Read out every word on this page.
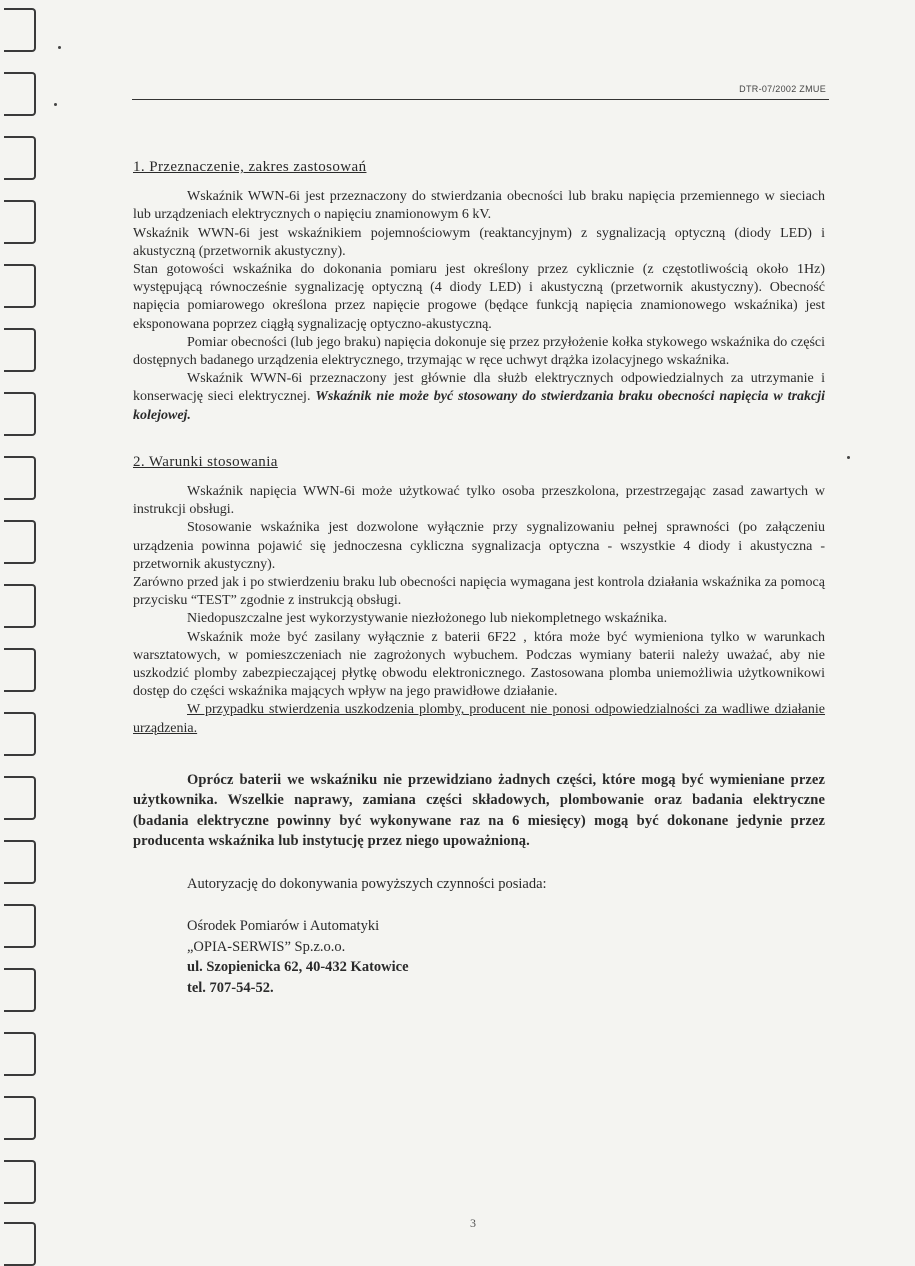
DTR-07/2002 ZMUE
1. Przeznaczenie, zakres zastosowań

Wskaźnik WWN-6i jest przeznaczony do stwierdzania obecności lub braku napięcia przemiennego w sieciach lub urządzeniach elektrycznych o napięciu znamionowym 6 kV.

Wskaźnik WWN-6i jest wskaźnikiem pojemnościowym (reaktancyjnym) z sygnalizacją optyczną (diody LED) i akustyczną (przetwornik akustyczny).

Stan gotowości wskaźnika do dokonania pomiaru jest określony przez cyklicznie (z częstotliwością około 1Hz) występującą równocześnie sygnalizację optyczną (4 diody LED) i akustyczną (przetwornik akustyczny). Obecność napięcia pomiarowego określona przez napięcie progowe (będące funkcją napięcia znamionowego wskaźnika) jest eksponowana poprzez ciągłą sygnalizację optyczno-akustyczną.

Pomiar obecności (lub jego braku) napięcia dokonuje się przez przyłożenie kołka stykowego wskaźnika do części dostępnych badanego urządzenia elektrycznego, trzymając w ręce uchwyt drążka izolacyjnego wskaźnika.

Wskaźnik WWN-6i przeznaczony jest głównie dla służb elektrycznych odpowiedzialnych za utrzymanie i konserwację sieci elektrycznej. Wskaźnik nie może być stosowany do stwierdzania braku obecności napięcia w trakcji kolejowej.

2. Warunki stosowania

Wskaźnik napięcia WWN-6i może użytkować tylko osoba przeszkolona, przestrzegając zasad zawartych w instrukcji obsługi.

Stosowanie wskaźnika jest dozwolone wyłącznie przy sygnalizowaniu pełnej sprawności (po załączeniu urządzenia powinna pojawić się jednoczesna cykliczna sygnalizacja optyczna - wszystkie 4 diody i akustyczna - przetwornik akustyczny).

Zarówno przed jak i po stwierdzeniu braku lub obecności napięcia wymagana jest kontrola działania wskaźnika za pomocą przycisku “TEST” zgodnie z instrukcją obsługi.

Niedopuszczalne jest wykorzystywanie niezłożonego lub niekompletnego wskaźnika.

Wskaźnik może być zasilany wyłącznie z baterii 6F22 , która może być wymieniona tylko w warunkach warsztatowych, w pomieszczeniach nie zagrożonych wybuchem. Podczas wymiany baterii należy uważać, aby nie uszkodzić plomby zabezpieczającej płytkę obwodu elektronicznego. Zastosowana plomba uniemożliwia użytkownikowi dostęp do części wskaźnika mających wpływ na jego prawidłowe działanie.

W przypadku stwierdzenia uszkodzenia plomby, producent nie ponosi odpowiedzialności za wadliwe działanie urządzenia.

Oprócz baterii we wskaźniku nie przewidziano żadnych części, które mogą być wymieniane przez użytkownika. Wszelkie naprawy, zamiana części składowych, plombowanie oraz badania elektryczne (badania elektryczne powinny być wykonywane raz na 6 miesięcy) mogą być dokonane jedynie przez producenta wskaźnika lub instytucję przez niego upoważnioną.

Autoryzację do dokonywania powyższych czynności posiada:

Ośrodek Pomiarów i Automatyki
„OPIA-SERWIS” Sp.z.o.o.
ul. Szopienicka 62, 40-432 Katowice
tel. 707-54-52.
3
